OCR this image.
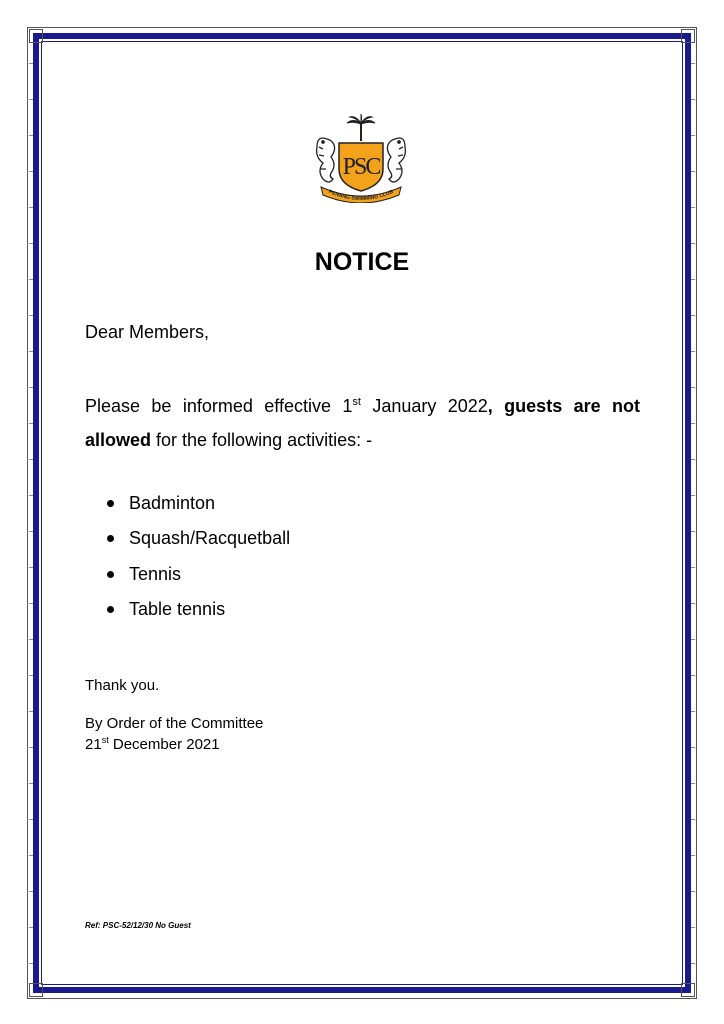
PSC
PENANG SWIMMING CLUB
NOTICE

Dear Members,

Please be informed effective 1st January 2022, guests are not
allowed for the following activities: -

Badminton
Squash/Racquetball
Tennis
Table tennis

Thank you.

By Order of the Committee

21st December 2021

Ref: PSC-52/12/30 No Guest
